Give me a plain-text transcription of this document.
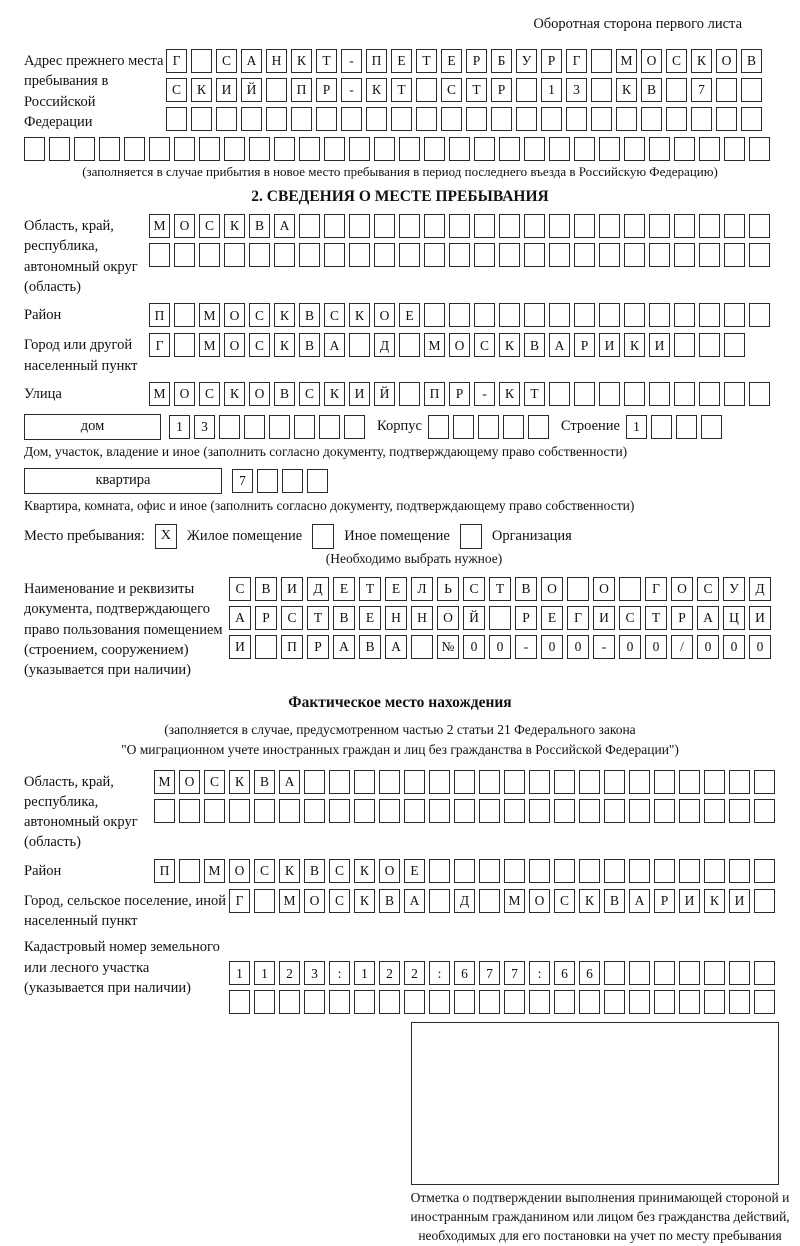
Оборотная сторона первого листа
Адрес прежнего места пребывания в Российской Федерации
Г	С	А	Н	К	Т	-	П	Е	Т	Е	Р	Б	У	Р	Г	М	О	С	К	О	В
С	К	И	Й	П	Р	-	К	Т	С	Т	Р	1	3	К	В	7
(заполняется в случае прибытия в новое место пребывания в период последнего въезда в Российскую Федерацию)
2. СВЕДЕНИЯ О МЕСТЕ ПРЕБЫВАНИЯ
Область, край, республика, автономный округ (область)
М	О	С	К	В	А
Район	П	М	О	С	К	В	С	К	О	Е
Город или другой населенный пункт
Г	М	О	С	К	В	А	Д	М	О	С	К	В	А	Р	И	К	И
Улица	М	О	С	К	О	В	С	К	И	Й	П	Р	-	К	Т
дом	1	3	Корпус	Строение 1
Дом, участок, владение и иное (заполнить согласно документу, подтверждающему право собственности)
квартира	7
Квартира, комната, офис и иное (заполнить согласно документу, подтверждающему право собственности)
Место пребывания:	X	Жилое помещение	Иное помещение	Организация
(Необходимо выбрать нужное)
Наименование и реквизиты документа, подтверждающего право пользования помещением (строением, сооружением) (указывается при наличии)
С	В	И	Д	Е	Т	Е	Л	Ь	С	Т	В	О	О	Г	О	С	У	Д
А	Р	С	Т	В	Е	Н	Н	О	Й	Р	Е	Г	И	С	Т	Р	А	Ц	И
И	П	Р	А	В	А	№	0	0	-	0	0	-	0	0	/	0	0	0
Фактическое место нахождения
(заполняется в случае, предусмотренном частью 2 статьи 21 Федерального закона
"О миграционном учете иностранных граждан и лиц без гражданства в Российской Федерации")
Область, край, республика, автономный округ (область)
М	О	С	К	В	А
Район	П	М	О	С	К	В	С	К	О	Е
Город, сельское поселение, иной населенный пункт
Г	М	О	С	К	В	А	Д	М	О	С	К	В	А	Р	И	К	И
Кадастровый номер земельного или лесного участка (указывается при наличии)
1	1	2	3	:	1	2	2	:	6	7	7	:	6	6
Отметка о подтверждении выполнения принимающей стороной и иностранным гражданином или лицом без гражданства действий, необходимых для его постановки на учет по месту пребывания
